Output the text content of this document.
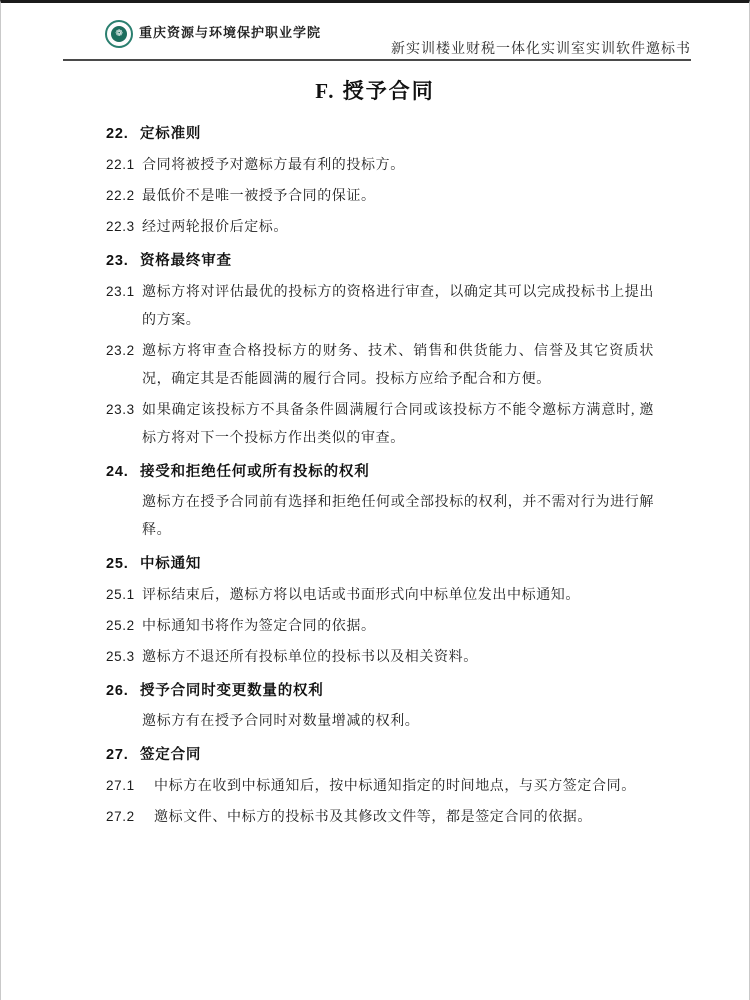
❁	重庆资源与环境保护职业学院
新实训楼业财税一体化实训室实训软件邀标书
F. 授予合同
22. 定标准则
22.1 合同将被授予对邀标方最有利的投标方。
22.2 最低价不是唯一被授予合同的保证。
22.3 经过两轮报价后定标。
23. 资格最终审查
23.1 邀标方将对评估最优的投标方的资格进行审查，以确定其可以完成投标书上提出的方案。
23.2 邀标方将审查合格投标方的财务、技术、销售和供货能力、信誉及其它资质状况，确定其是否能圆满的履行合同。投标方应给予配合和方便。
23.3 如果确定该投标方不具备条件圆满履行合同或该投标方不能令邀标方满意时, 邀标方将对下一个投标方作出类似的审查。
24. 接受和拒绝任何或所有投标的权利
邀标方在授予合同前有选择和拒绝任何或全部投标的权利，并不需对行为进行解释。
25. 中标通知
25.1 评标结束后，邀标方将以电话或书面形式向中标单位发出中标通知。
25.2 中标通知书将作为签定合同的依据。
25.3 邀标方不退还所有投标单位的投标书以及相关资料。
26. 授予合同时变更数量的权利
邀标方有在授予合同时对数量增减的权利。
27. 签定合同
27.1	中标方在收到中标通知后，按中标通知指定的时间地点，与买方签定合同。
27.2	邀标文件、中标方的投标书及其修改文件等，都是签定合同的依据。
